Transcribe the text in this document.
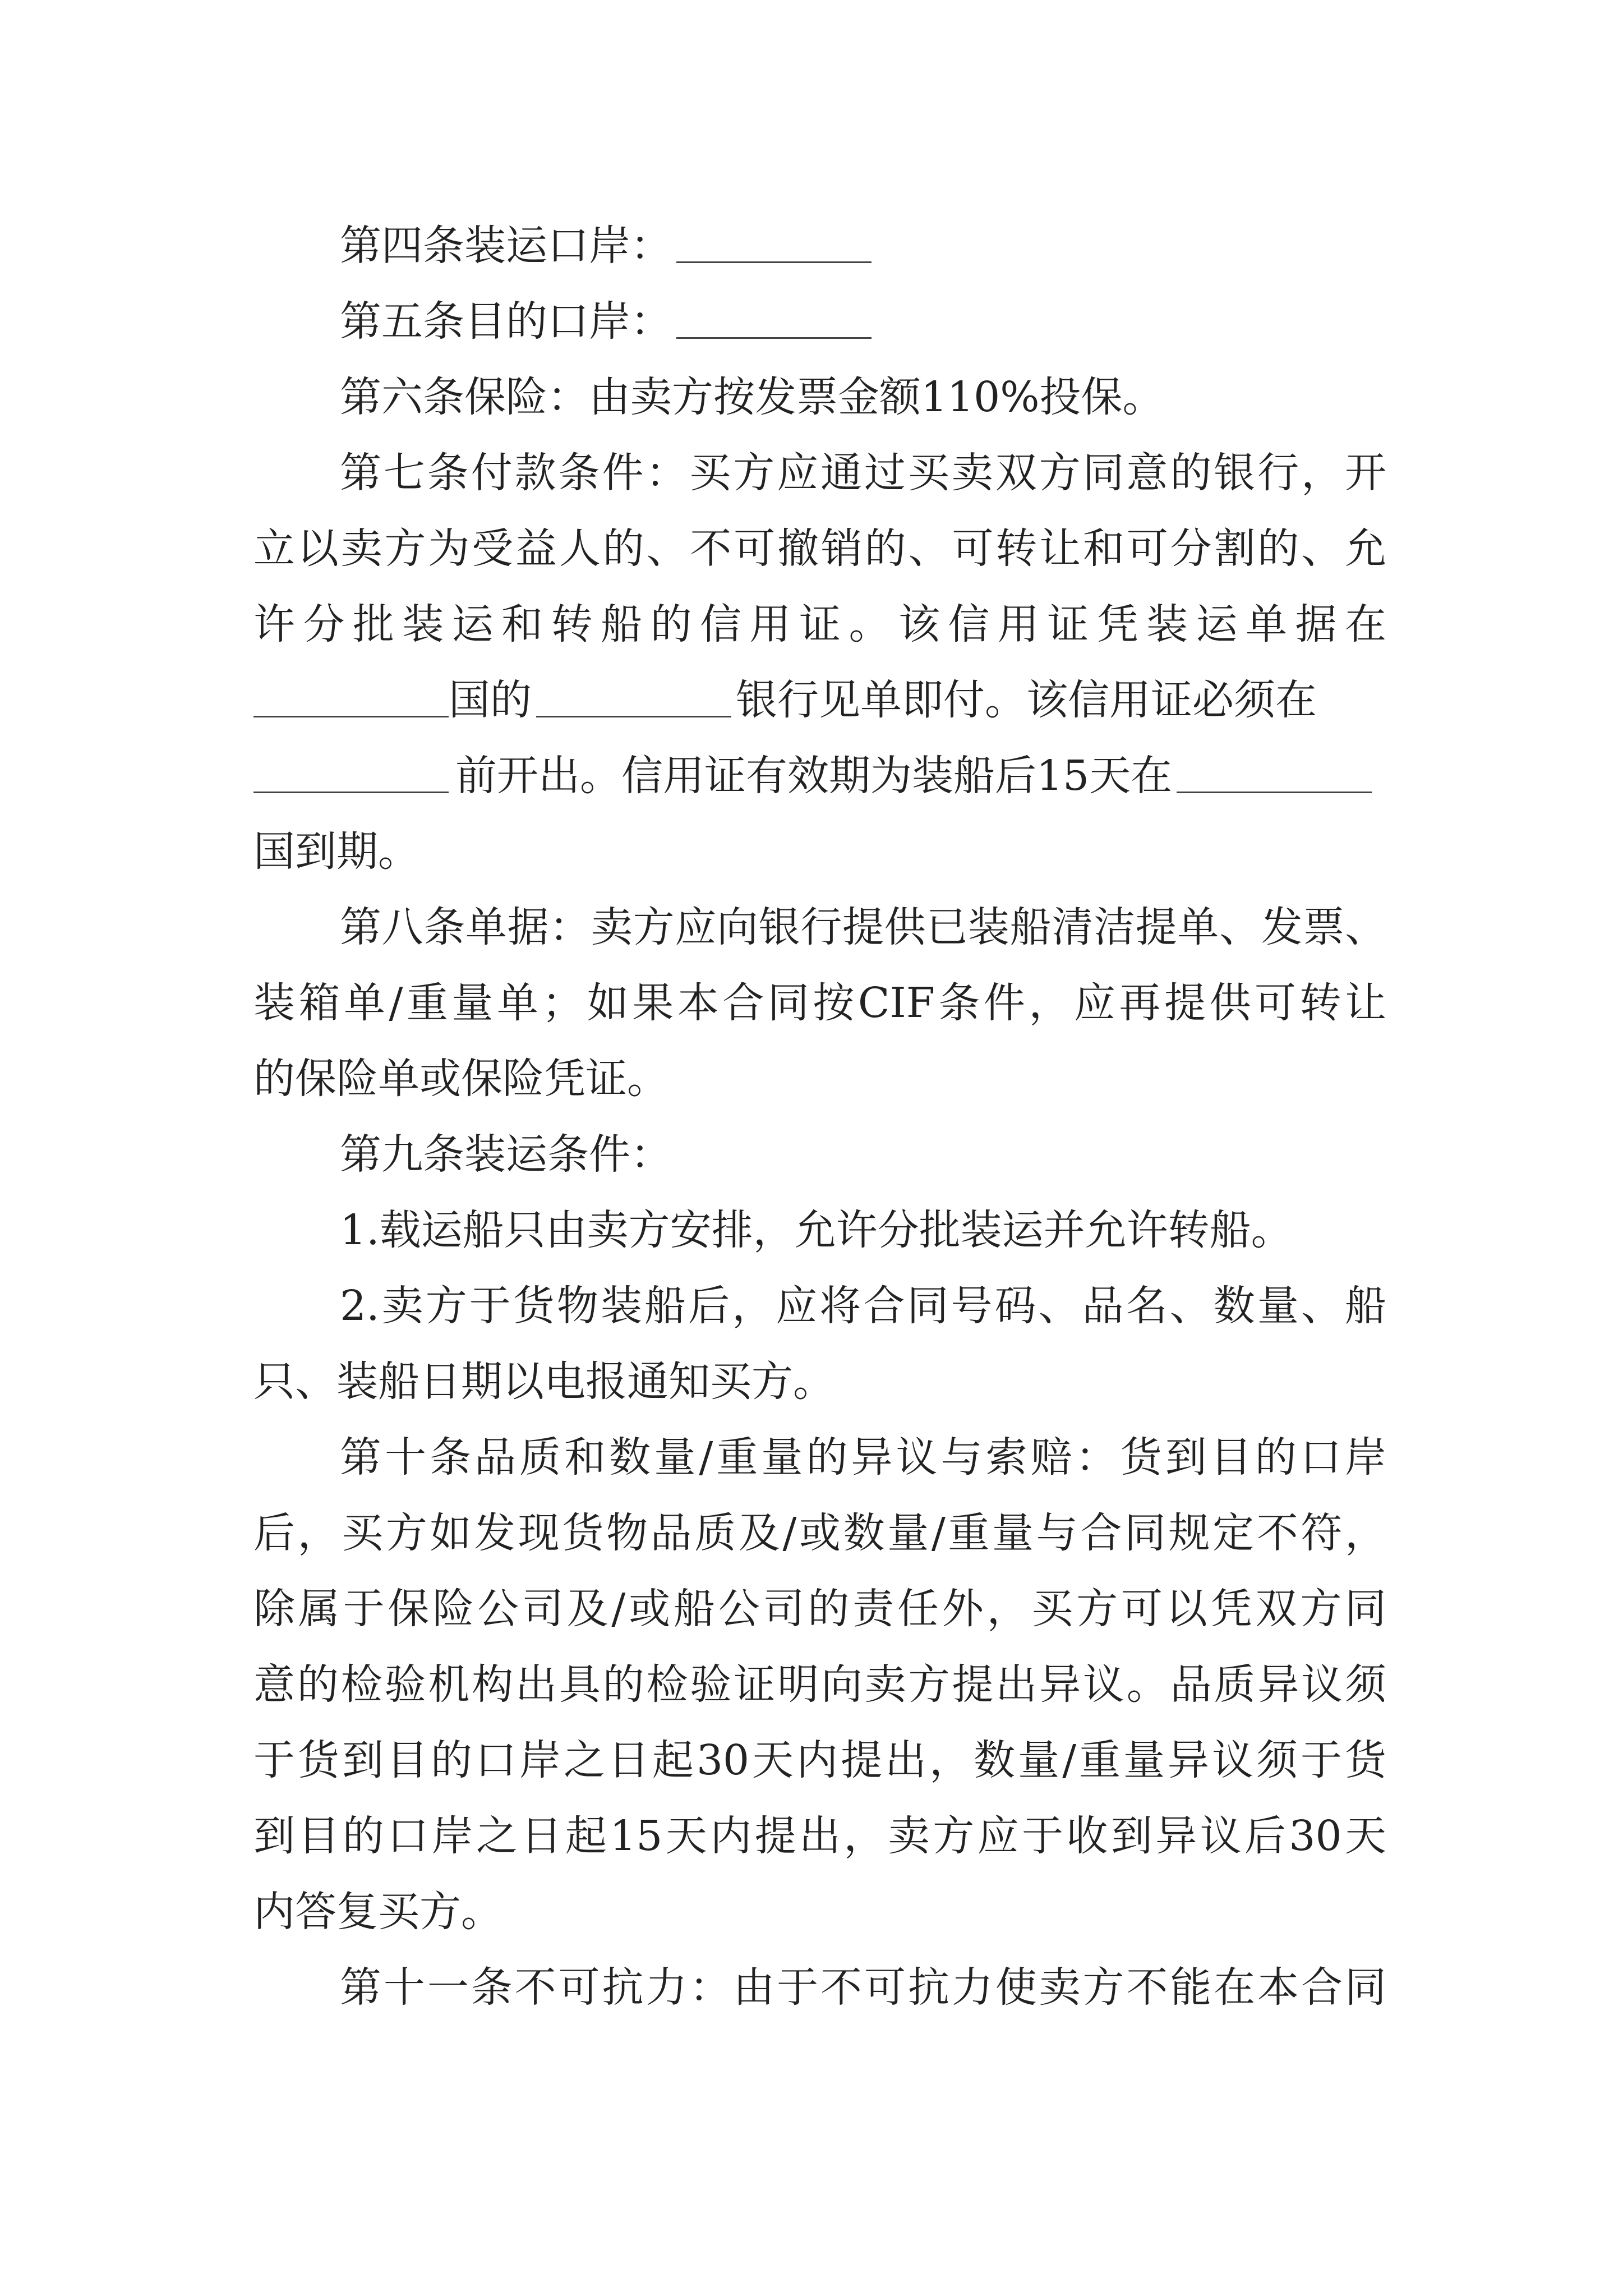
第四条装运口岸：
第五条目的口岸：
第六条保险：由卖方按发票金额110%投保。
第七条付款条件：买方应通过买卖双方同意的银行，开
立以卖方为受益人的、不可撤销的、可转让和可分割的、允
许分批装运和转船的信用证。该信用证凭装运单据在
国的	银行见单即付。该信用证必须在
前开出。信用证有效期为装船后15天在
国到期。
第八条单据：卖方应向银行提供已装船清洁提单、发票、
装箱单/重量单；如果本合同按CIF条件，应再提供可转让
的保险单或保险凭证。
第九条装运条件：
1.载运船只由卖方安排，允许分批装运并允许转船。
2.卖方于货物装船后，应将合同号码、品名、数量、船
只、装船日期以电报通知买方。
第十条品质和数量/重量的异议与索赔：货到目的口岸
后，买方如发现货物品质及/或数量/重量与合同规定不符，
除属于保险公司及/或船公司的责任外，买方可以凭双方同
意的检验机构出具的检验证明向卖方提出异议。品质异议须
于货到目的口岸之日起30天内提出，数量/重量异议须于货
到目的口岸之日起15天内提出，卖方应于收到异议后30天
内答复买方。
第十一条不可抗力：由于不可抗力使卖方不能在本合同
